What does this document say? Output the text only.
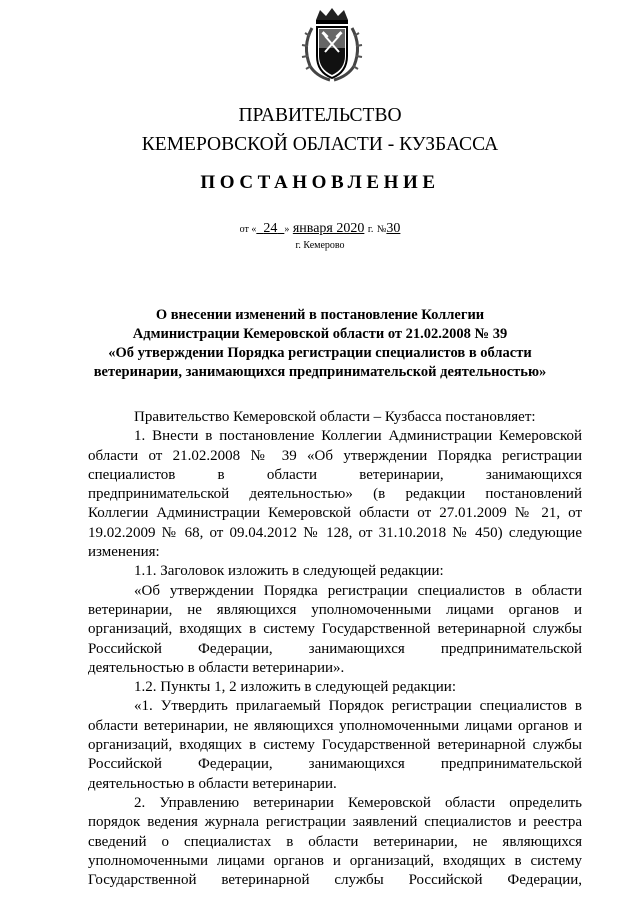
ПРАВИТЕЛЬСТВО
КЕМЕРОВСКОЙ ОБЛАСТИ - КУЗБАССА
ПОСТАНОВЛЕНИЕ
от « 24 » января 2020 г. №30
г. Кемерово
О внесении изменений в постановление Коллегии
Администрации Кемеровской области от 21.02.2008 № 39
«Об утверждении Порядка регистрации специалистов в области
ветеринарии, занимающихся предпринимательской деятельностью»
Правительство Кемеровской области – Кузбасса постановляет:
1. Внести в постановление Коллегии Администрации Кемеровской
области от 21.02.2008 № 39 «Об утверждении Порядка регистрации
специалистов в области ветеринарии, занимающихся
предпринимательской деятельностью» (в редакции постановлений
Коллегии Администрации Кемеровской области от 27.01.2009 № 21, от
19.02.2009 № 68, от 09.04.2012 № 128, от 31.10.2018 № 450) следующие
изменения:
1.1. Заголовок изложить в следующей редакции:
«Об утверждении Порядка регистрации специалистов в области
ветеринарии, не являющихся уполномоченными лицами органов и
организаций, входящих в систему Государственной ветеринарной службы
Российской Федерации, занимающихся предпринимательской
деятельностью в области ветеринарии».
1.2. Пункты 1, 2 изложить в следующей редакции:
«1. Утвердить прилагаемый Порядок регистрации специалистов в
области ветеринарии, не являющихся уполномоченными лицами органов и
организаций, входящих в систему Государственной ветеринарной службы
Российской Федерации, занимающихся предпринимательской
деятельностью в области ветеринарии.
2. Управлению ветеринарии Кемеровской области определить
порядок ведения журнала регистрации заявлений специалистов и реестра
сведений о специалистах в области ветеринарии, не являющихся
уполномоченными лицами органов и организаций, входящих в систему
Государственной ветеринарной службы Российской Федерации,
